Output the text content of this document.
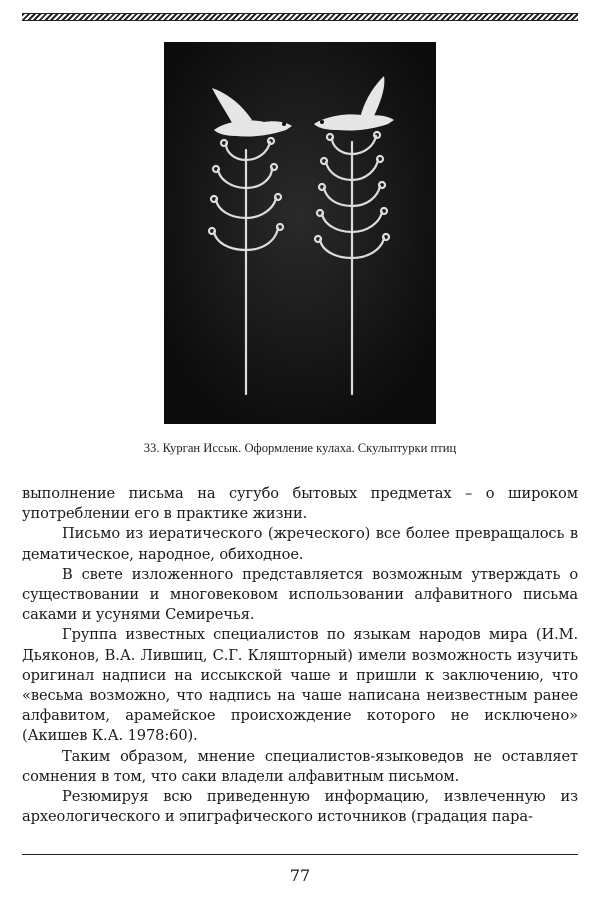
33. Курган Иссык. Оформление кулаха. Скульптурки птиц

выполнение письма на сугубо бытовых предметах – о широком употреблении его в практике жизни.

Письмо из иератического (жреческого) все более превращалось в дематическое, народное, обиходное.

В свете изложенного представляется возможным утверждать о существовании и многовековом использовании алфавитного письма саками и усунями Семиречья.

Группа известных специалистов по языкам народов мира (И.М. Дьяконов, В.А. Лившиц, С.Г. Кляшторный) имели возможность изучить оригинал надписи на иссыкской чаше и пришли к заключению, что «весьма возможно, что надпись на чаше написана неизвестным ранее алфавитом, арамейское происхождение которого не исключено» (Акишев К.А. 1978:60).

Таким образом, мнение специалистов-языковедов не оставляет сомнения в том, что саки владели алфавитным письмом.

Резюмируя всю приведенную информацию, извлеченную из археологического и эпиграфического источников (градация пара-

77
